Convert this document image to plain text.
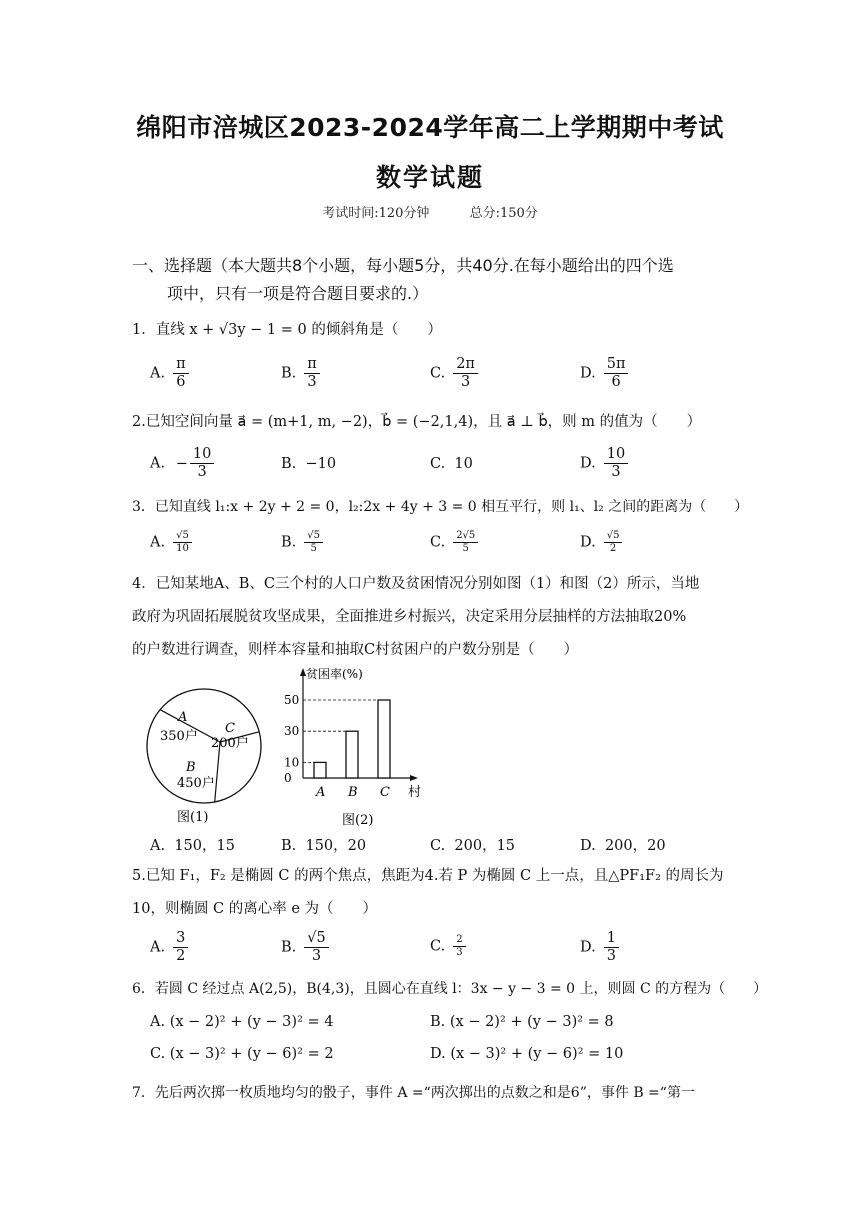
绵阳市涪城区2023-2024学年高二上学期期中考试
数学试题
考试时间:120分钟	总分:150分
一、选择题（本大题共8个小题，每小题5分，共40分.在每小题给出的四个选
项中，只有一项是符合题目要求的.）
1．直线 x + √3y − 1 = 0 的倾斜角是（　　）
A. $\frac{\pi}{6}$	B. $\frac{\pi}{3}$	C. $\frac{2\pi}{3}$	D. $\frac{5\pi}{6}$
2.已知空间向量 a⃗ = (m+1, m, −2)，b⃗ = (−2,1,4)，且 a⃗ ⊥ b⃗，则 m 的值为（　　）
A. − $\frac{10}{3}$	B. −10	C. 10	D. $\frac{10}{3}$
3．已知直线 l₁:x + 2y + 2 = 0，l₂:2x + 4y + 3 = 0 相互平行，则 l₁、l₂ 之间的距离为（　　）
A. $\frac{√5}{10}$	B. $\frac{√5}{5}$	C. $\frac{2√5}{5}$	D. $\frac{√5}{2}$
4．已知某地A、B、C三个村的人口户数及贫困情况分别如图（1）和图（2）所示，当地
政府为巩固拓展脱贫攻坚成果，全面推进乡村振兴，决定采用分层抽样的方法抽取20%
的户数进行调查，则样本容量和抽取C村贫困户的户数分别是（　　）
A
350户
C
200户
B
450户
图(1)
贫困率(%)
村
0
10
30
50
A B C
图(2)
A. 150，15	B. 150，20	C. 200，15	D. 200，20
5.已知 F₁，F₂ 是椭圆 C 的两个焦点，焦距为4.若 P 为椭圆 C 上一点，且△PF₁F₂ 的周长为
10，则椭圆 C 的离心率 e 为（　　）
A. $\frac{3}{2}$	B. $\frac{√5}{3}$	C. $\frac{2}{3}$	D. $\frac{1}{3}$
6．若圆 C 经过点 A(2,5)，B(4,3)，且圆心在直线 l：3x − y − 3 = 0 上，则圆 C 的方程为（　　）
A. (x − 2)² + (y − 3)² = 4	B. (x − 2)² + (y − 3)² = 8
C. (x − 3)² + (y − 6)² = 2	D. (x − 3)² + (y − 6)² = 10
7．先后两次掷一枚质地均匀的骰子，事件 A =“两次掷出的点数之和是6”，事件 B =“第一
